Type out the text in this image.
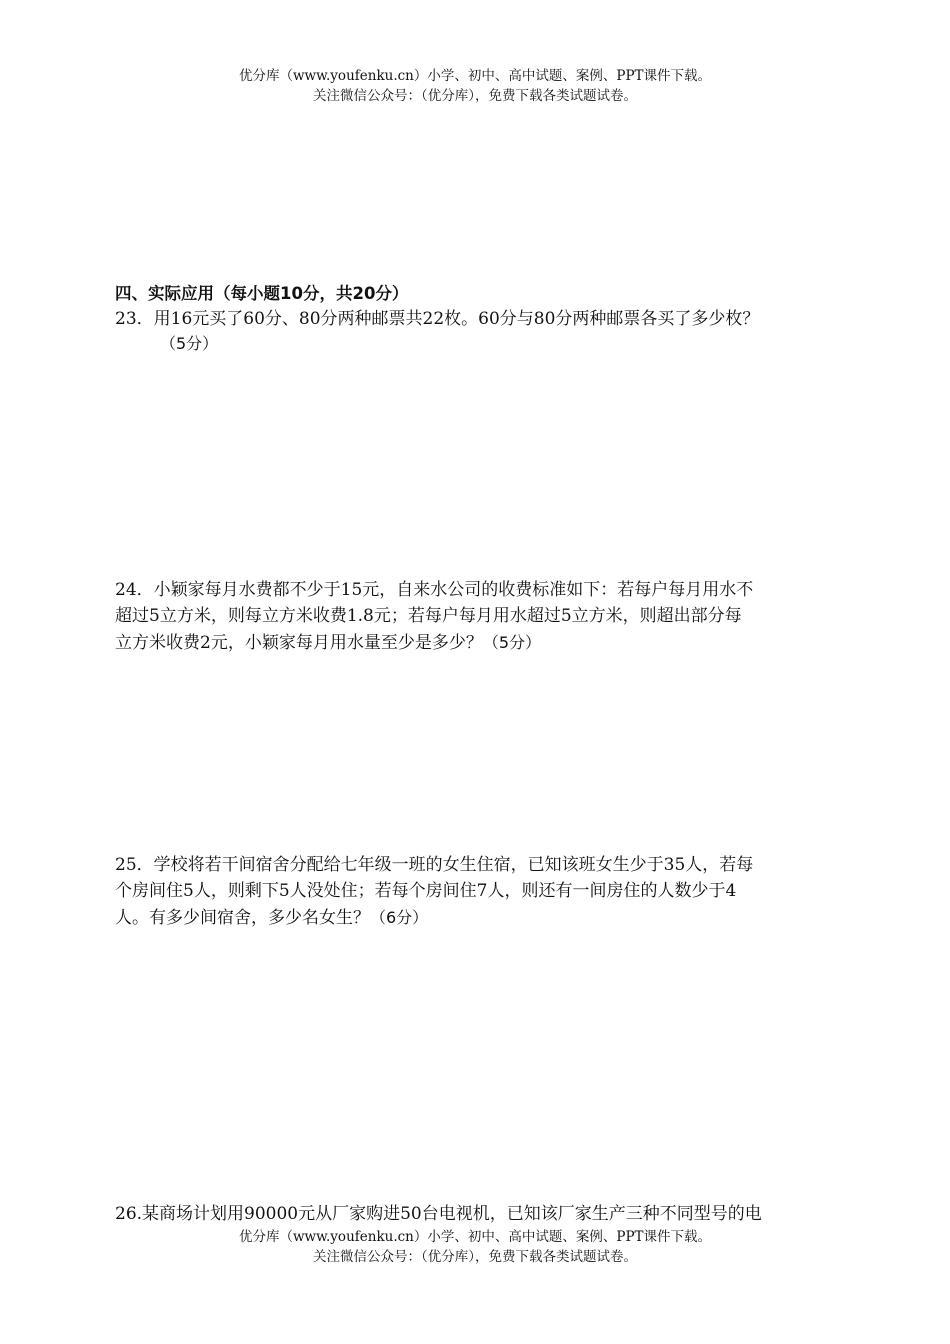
优分库（www.youfenku.cn）小学、初中、高中试题、案例、PPT课件下载。
关注微信公众号：（优分库），免费下载各类试题试卷。
四、实际应用（每小题10分，共20分）
23．用16元买了60分、80分两种邮票共22枚。60分与80分两种邮票各买了多少枚？
（5分）
24．小颖家每月水费都不少于15元，自来水公司的收费标准如下：若每户每月用水不
超过5立方米，则每立方米收费1.8元；若每户每月用水超过5立方米，则超出部分每
立方米收费2元，小颖家每月用水量至少是多少？（5分）
25．学校将若干间宿舍分配给七年级一班的女生住宿，已知该班女生少于35人，若每
个房间住5人，则剩下5人没处住；若每个房间住7人，则还有一间房住的人数少于4
人。有多少间宿舍，多少名女生？（6分）
26.某商场计划用90000元从厂家购进50台电视机，已知该厂家生产三种不同型号的电
优分库（www.youfenku.cn）小学、初中、高中试题、案例、PPT课件下载。
关注微信公众号：（优分库），免费下载各类试题试卷。
